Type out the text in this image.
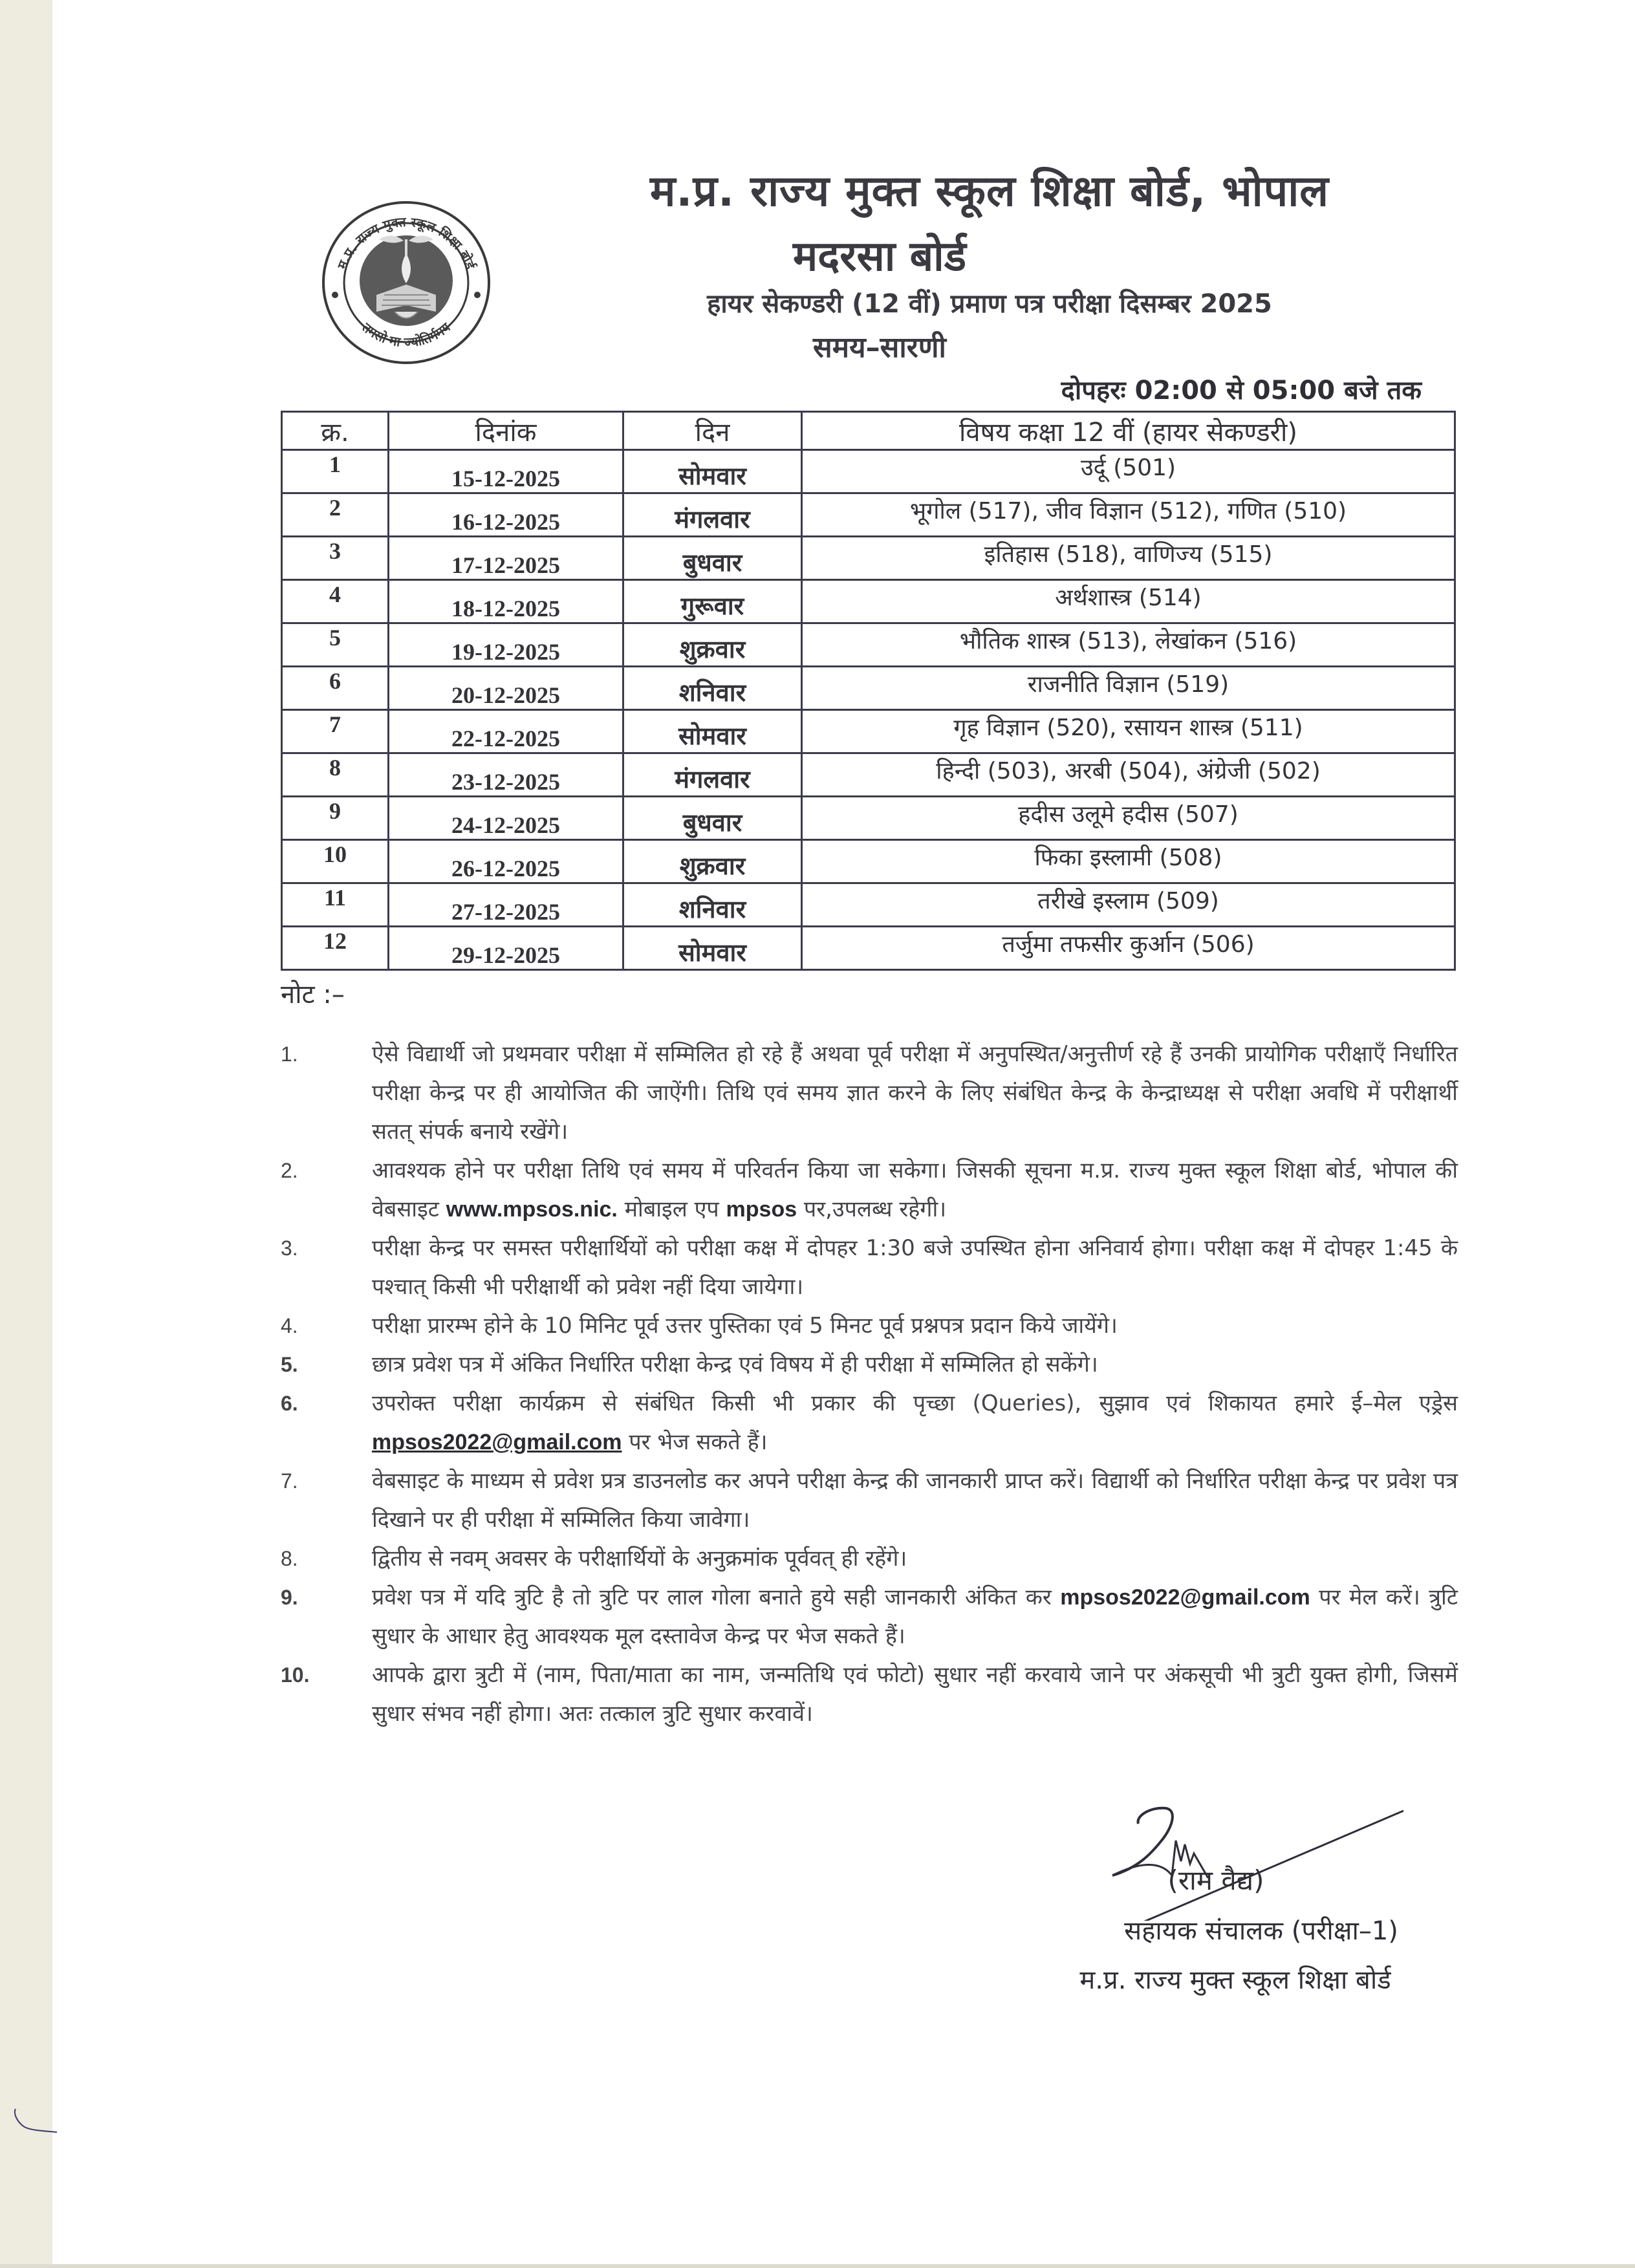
म.प्र. राज्य मुक्त स्कूल शिक्षा बोर्ड
तमसो मा ज्योतिर्गमय
म.प्र. राज्य मुक्त स्कूल शिक्षा बोर्ड, भोपाल
मदरसा बोर्ड
हायर सेकण्डरी (12 वीं) प्रमाण पत्र परीक्षा दिसम्बर 2025
समय–सारणी
दोपहरः 02:00 से 05:00 बजे तक
क्र.	दिनांक	दिन	विषय कक्षा 12 वीं (हायर सेकण्डरी)
1	15-12-2025	सोमवार	उर्दू (501)
2	16-12-2025	मंगलवार	भूगोल (517), जीव विज्ञान (512), गणित (510)
3	17-12-2025	बुधवार	इतिहास (518), वाणिज्य (515)
4	18-12-2025	गुरूवार	अर्थशास्त्र (514)
5	19-12-2025	शुक्रवार	भौतिक शास्त्र (513), लेखांकन (516)
6	20-12-2025	शनिवार	राजनीति विज्ञान (519)
7	22-12-2025	सोमवार	गृह विज्ञान (520), रसायन शास्त्र (511)
8	23-12-2025	मंगलवार	हिन्दी (503), अरबी (504), अंग्रेजी (502)
9	24-12-2025	बुधवार	हदीस उलूमे हदीस (507)
10	26-12-2025	शुक्रवार	फिका इस्लामी (508)
11	27-12-2025	शनिवार	तरीखे इस्लाम (509)
12	29-12-2025	सोमवार	तर्जुमा तफसीर कुर्आन (506)
नोट :–
1.	ऐसे विद्यार्थी जो प्रथमवार परीक्षा में सम्मिलित हो रहे हैं अथवा पूर्व परीक्षा में अनुपस्थित/अनुत्तीर्ण रहे हैं उनकी प्रायोगिक परीक्षाएँ निर्धारित परीक्षा केन्द्र पर ही आयोजित की जाऐंगी। तिथि एवं समय ज्ञात करने के लिए संबंधित केन्द्र के केन्द्राध्यक्ष से परीक्षा अवधि में परीक्षार्थी सतत् संपर्क बनाये रखेंगे।
2.	आवश्यक होने पर परीक्षा तिथि एवं समय में परिवर्तन किया जा सकेगा। जिसकी सूचना म.प्र. राज्य मुक्त स्कूल शिक्षा बोर्ड, भोपाल की वेबसाइट www.mpsos.nic. मोबाइल एप mpsos पर,उपलब्ध रहेगी।
3.	परीक्षा केन्द्र पर समस्त परीक्षार्थियों को परीक्षा कक्ष में दोपहर 1:30 बजे उपस्थित होना अनिवार्य होगा। परीक्षा कक्ष में दोपहर 1:45 के पश्चात् किसी भी परीक्षार्थी को प्रवेश नहीं दिया जायेगा।
4.	परीक्षा प्रारम्भ होने के 10 मिनिट पूर्व उत्तर पुस्तिका एवं 5 मिनट पूर्व प्रश्नपत्र प्रदान किये जायेंगे।
5.	छात्र प्रवेश पत्र में अंकित निर्धारित परीक्षा केन्द्र एवं विषय में ही परीक्षा में सम्मिलित हो सकेंगे।
6.	उपरोक्त परीक्षा कार्यक्रम से संबंधित किसी भी प्रकार की पृच्छा (Queries), सुझाव एवं शिकायत हमारे ई–मेल एड्रेस mpsos2022@gmail.com पर भेज सकते हैं।
7.	वेबसाइट के माध्यम से प्रवेश प्रत्र डाउनलोड कर अपने परीक्षा केन्द्र की जानकारी प्राप्त करें। विद्यार्थी को निर्धारित परीक्षा केन्द्र पर प्रवेश पत्र दिखाने पर ही परीक्षा में सम्मिलित किया जावेगा।
8.	द्वितीय से नवम् अवसर के परीक्षार्थियों के अनुक्रमांक पूर्ववत् ही रहेंगे।
9.	प्रवेश पत्र में यदि त्रुटि है तो त्रुटि पर लाल गोला बनाते हुये सही जानकारी अंकित कर mpsos2022@gmail.com पर मेल करें। त्रुटि सुधार के आधार हेतु आवश्यक मूल दस्तावेज केन्द्र पर भेज सकते हैं।
10.	आपके द्वारा त्रुटी में (नाम, पिता/माता का नाम, जन्मतिथि एवं फोटो) सुधार नहीं करवाये जाने पर अंकसूची भी त्रुटी युक्त होगी, जिसमें सुधार संभव नहीं होगा। अतः तत्काल त्रुटि सुधार करवावें।
(राम वैद्य)
सहायक संचालक (परीक्षा–1)
म.प्र. राज्य मुक्त स्कूल शिक्षा बोर्ड
